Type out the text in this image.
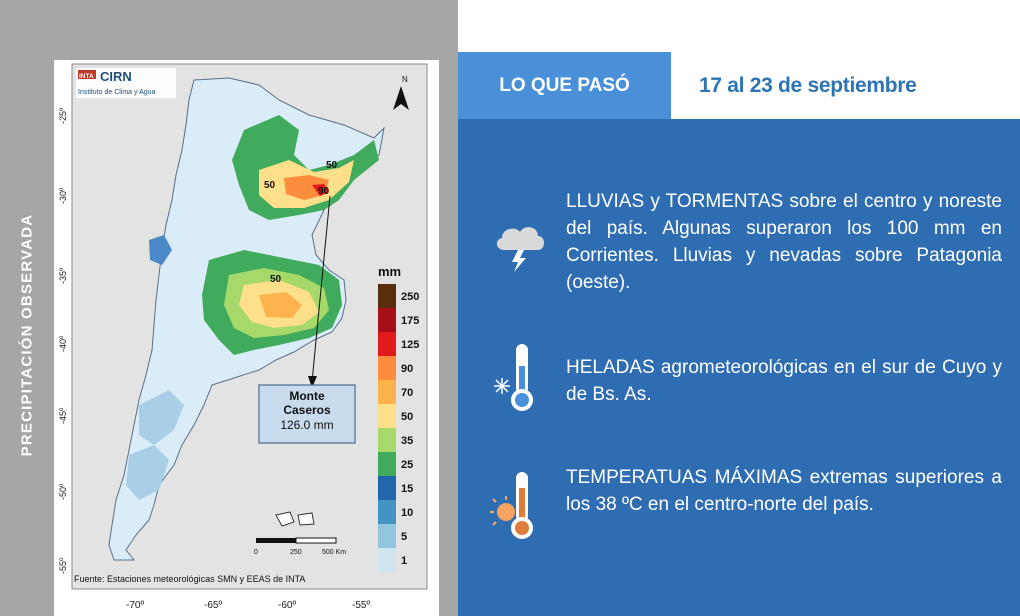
PRECIPITACIÓN OBSERVADA
-25º
-30º
-35º
-40º
-45º
-50º
-55º
-70º	-65º	-60º	-55º
50
50
90
50
INTA CIRN
Instituto de Clima y Agua
N
mm
250
175
125
90
70
50
35
25
15
10
5
1
Monte Caseros
126.0 mm
0	250	500 Km
Fuente: Estaciones meteorológicas SMN y EEAS de INTA
LO QUE PASÓ	17 al 23 de septiembre
LLUVIAS y TORMENTAS sobre el centro y noreste del país. Algunas superaron los 100 mm en Corrientes. Lluvias y nevadas sobre Patagonia (oeste).
HELADAS agrometeorológicas en el sur de Cuyo y de Bs. As.
TEMPERATUAS MÁXIMAS extremas superiores a los 38 ºC en el centro-norte del país.
